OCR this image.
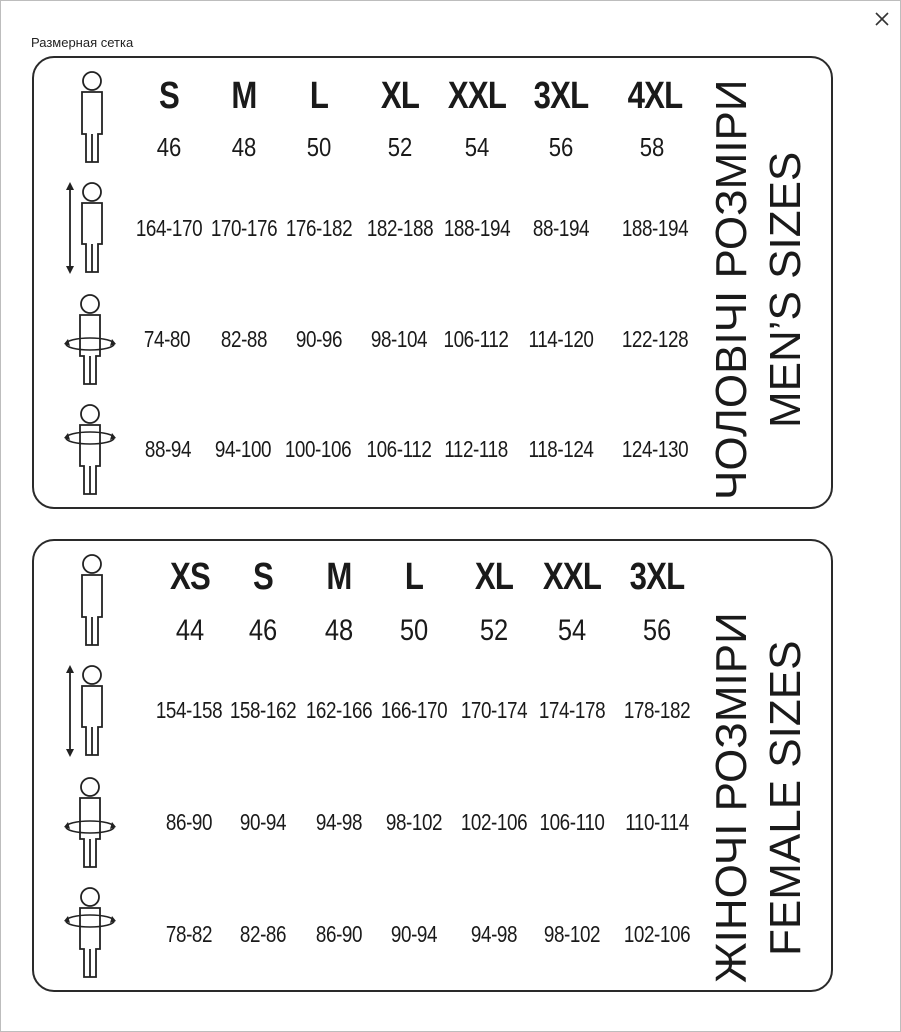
Размерная сетка
S M L XL XXL 3XL 4XL
46 48 50 52 54 56	58
164-170 170-176 176-182 182-188 188-194 88-194 188-194
74-80 82-88 90-96 98-104 106-112 114-120 122-128
88-94 94-100 100-106 106-112 112-118 118-124 124-130 ЧОЛОВІЧІ РОЗМІРИ MEN’S SIZES
XS S M L XL XXL 3XL
44 46 48 50 52 54 56
154-158 158-162 162-166 166-170 170-174 174-178 178-182
86-90 90-94 94-98 98-102 102-106 106-110 110-114
78-82 82-86 86-90 90-94 94-98 98-102 102-106 ЖІНОЧІ РОЗМІРИ FEMALE SIZES
